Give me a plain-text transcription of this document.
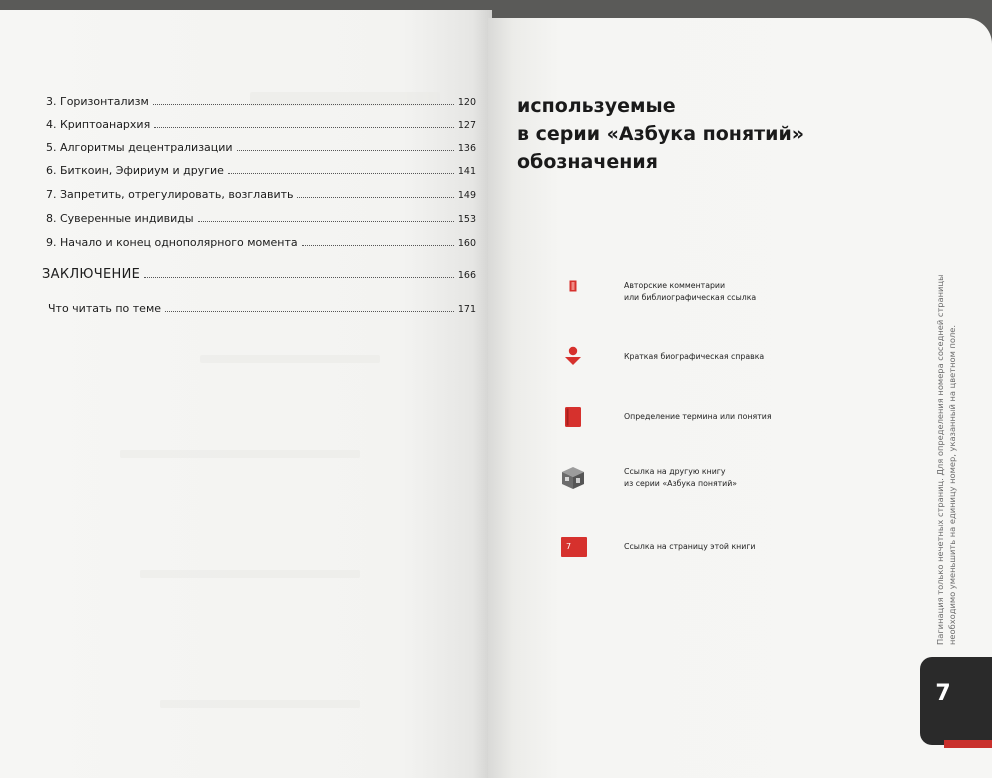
3. Горизонтализм	120
4. Криптоанархия	127
5. Алгоритмы децентрализации	136
6. Биткоин, Эфириум и другие	141
7. Запретить, отрегулировать, возглавить	149
8. Суверенные индивиды	153
9. Начало и конец однополярного момента	160
ЗАКЛЮЧЕНИЕ	166
Что читать по теме	171
используемые
в серии «Азбука понятий»
обозначения
Авторские комментарии
или библиографическая ссылка
Краткая биографическая справка
Определение термина или понятия
Ссылка на другую книгу
из серии «Азбука понятий»
7	Ссылка на страницу этой книги	Пагинация только нечетных страниц. Для определения номера соседней страницы необходимо уменьшить на единицу номер, указанный на цветном поле.
7
